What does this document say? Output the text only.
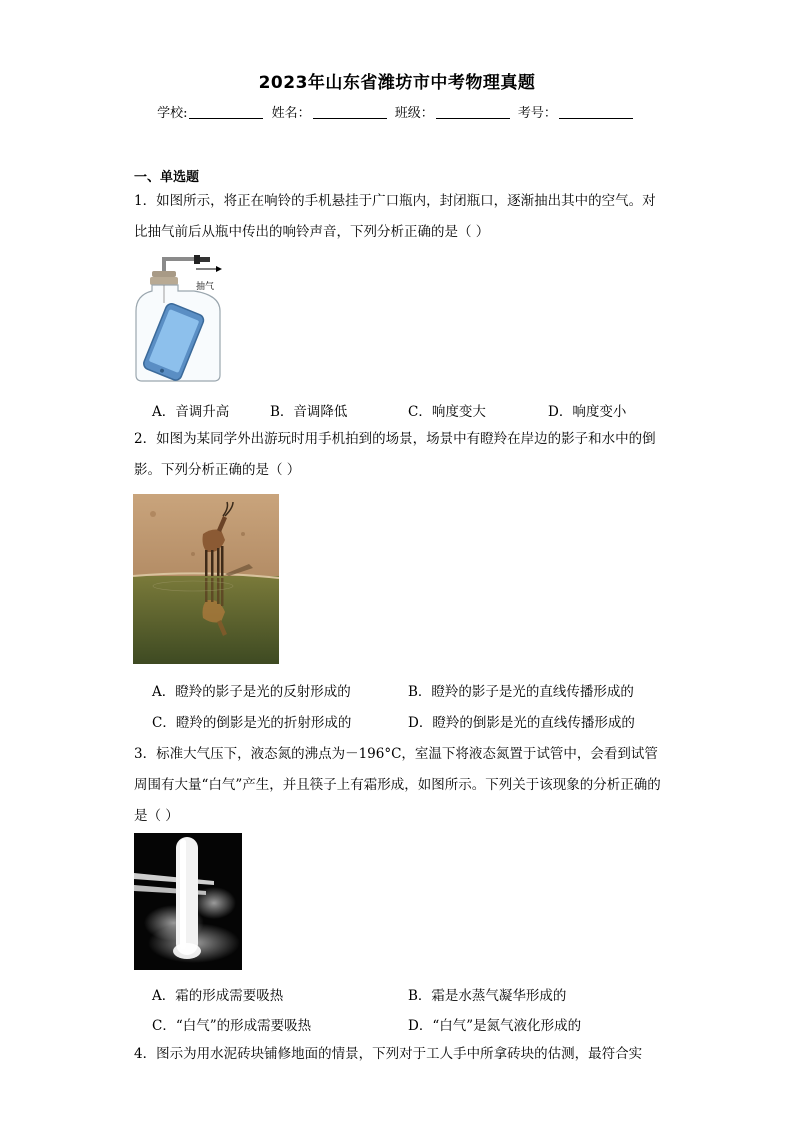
2023年山东省潍坊市中考物理真题
学校:	姓名：	班级：	考号：
一、单选题
1．如图所示，将正在响铃的手机悬挂于广口瓶内，封闭瓶口，逐渐抽出其中的空气。对比抽气前后从瓶中传出的响铃声音，下列分析正确的是（ ）
抽气
A．音调升高	B．音调降低	C．响度变大	D．响度变小
2．如图为某同学外出游玩时用手机拍到的场景，场景中有瞪羚在岸边的影子和水中的倒影。下列分析正确的是（ ）
A．瞪羚的影子是光的反射形成的	B．瞪羚的影子是光的直线传播形成的
C．瞪羚的倒影是光的折射形成的	D．瞪羚的倒影是光的直线传播形成的
3．标准大气压下，液态氮的沸点为－196°C，室温下将液态氮置于试管中，会看到试管周围有大量“白气”产生，并且筷子上有霜形成，如图所示。下列关于该现象的分析正确的是（ ）
A．霜的形成需要吸热	B．霜是水蒸气凝华形成的
C．“白气”的形成需要吸热	D．“白气”是氮气液化形成的
4．图示为用水泥砖块铺修地面的情景，下列对于工人手中所拿砖块的估测，最符合实
